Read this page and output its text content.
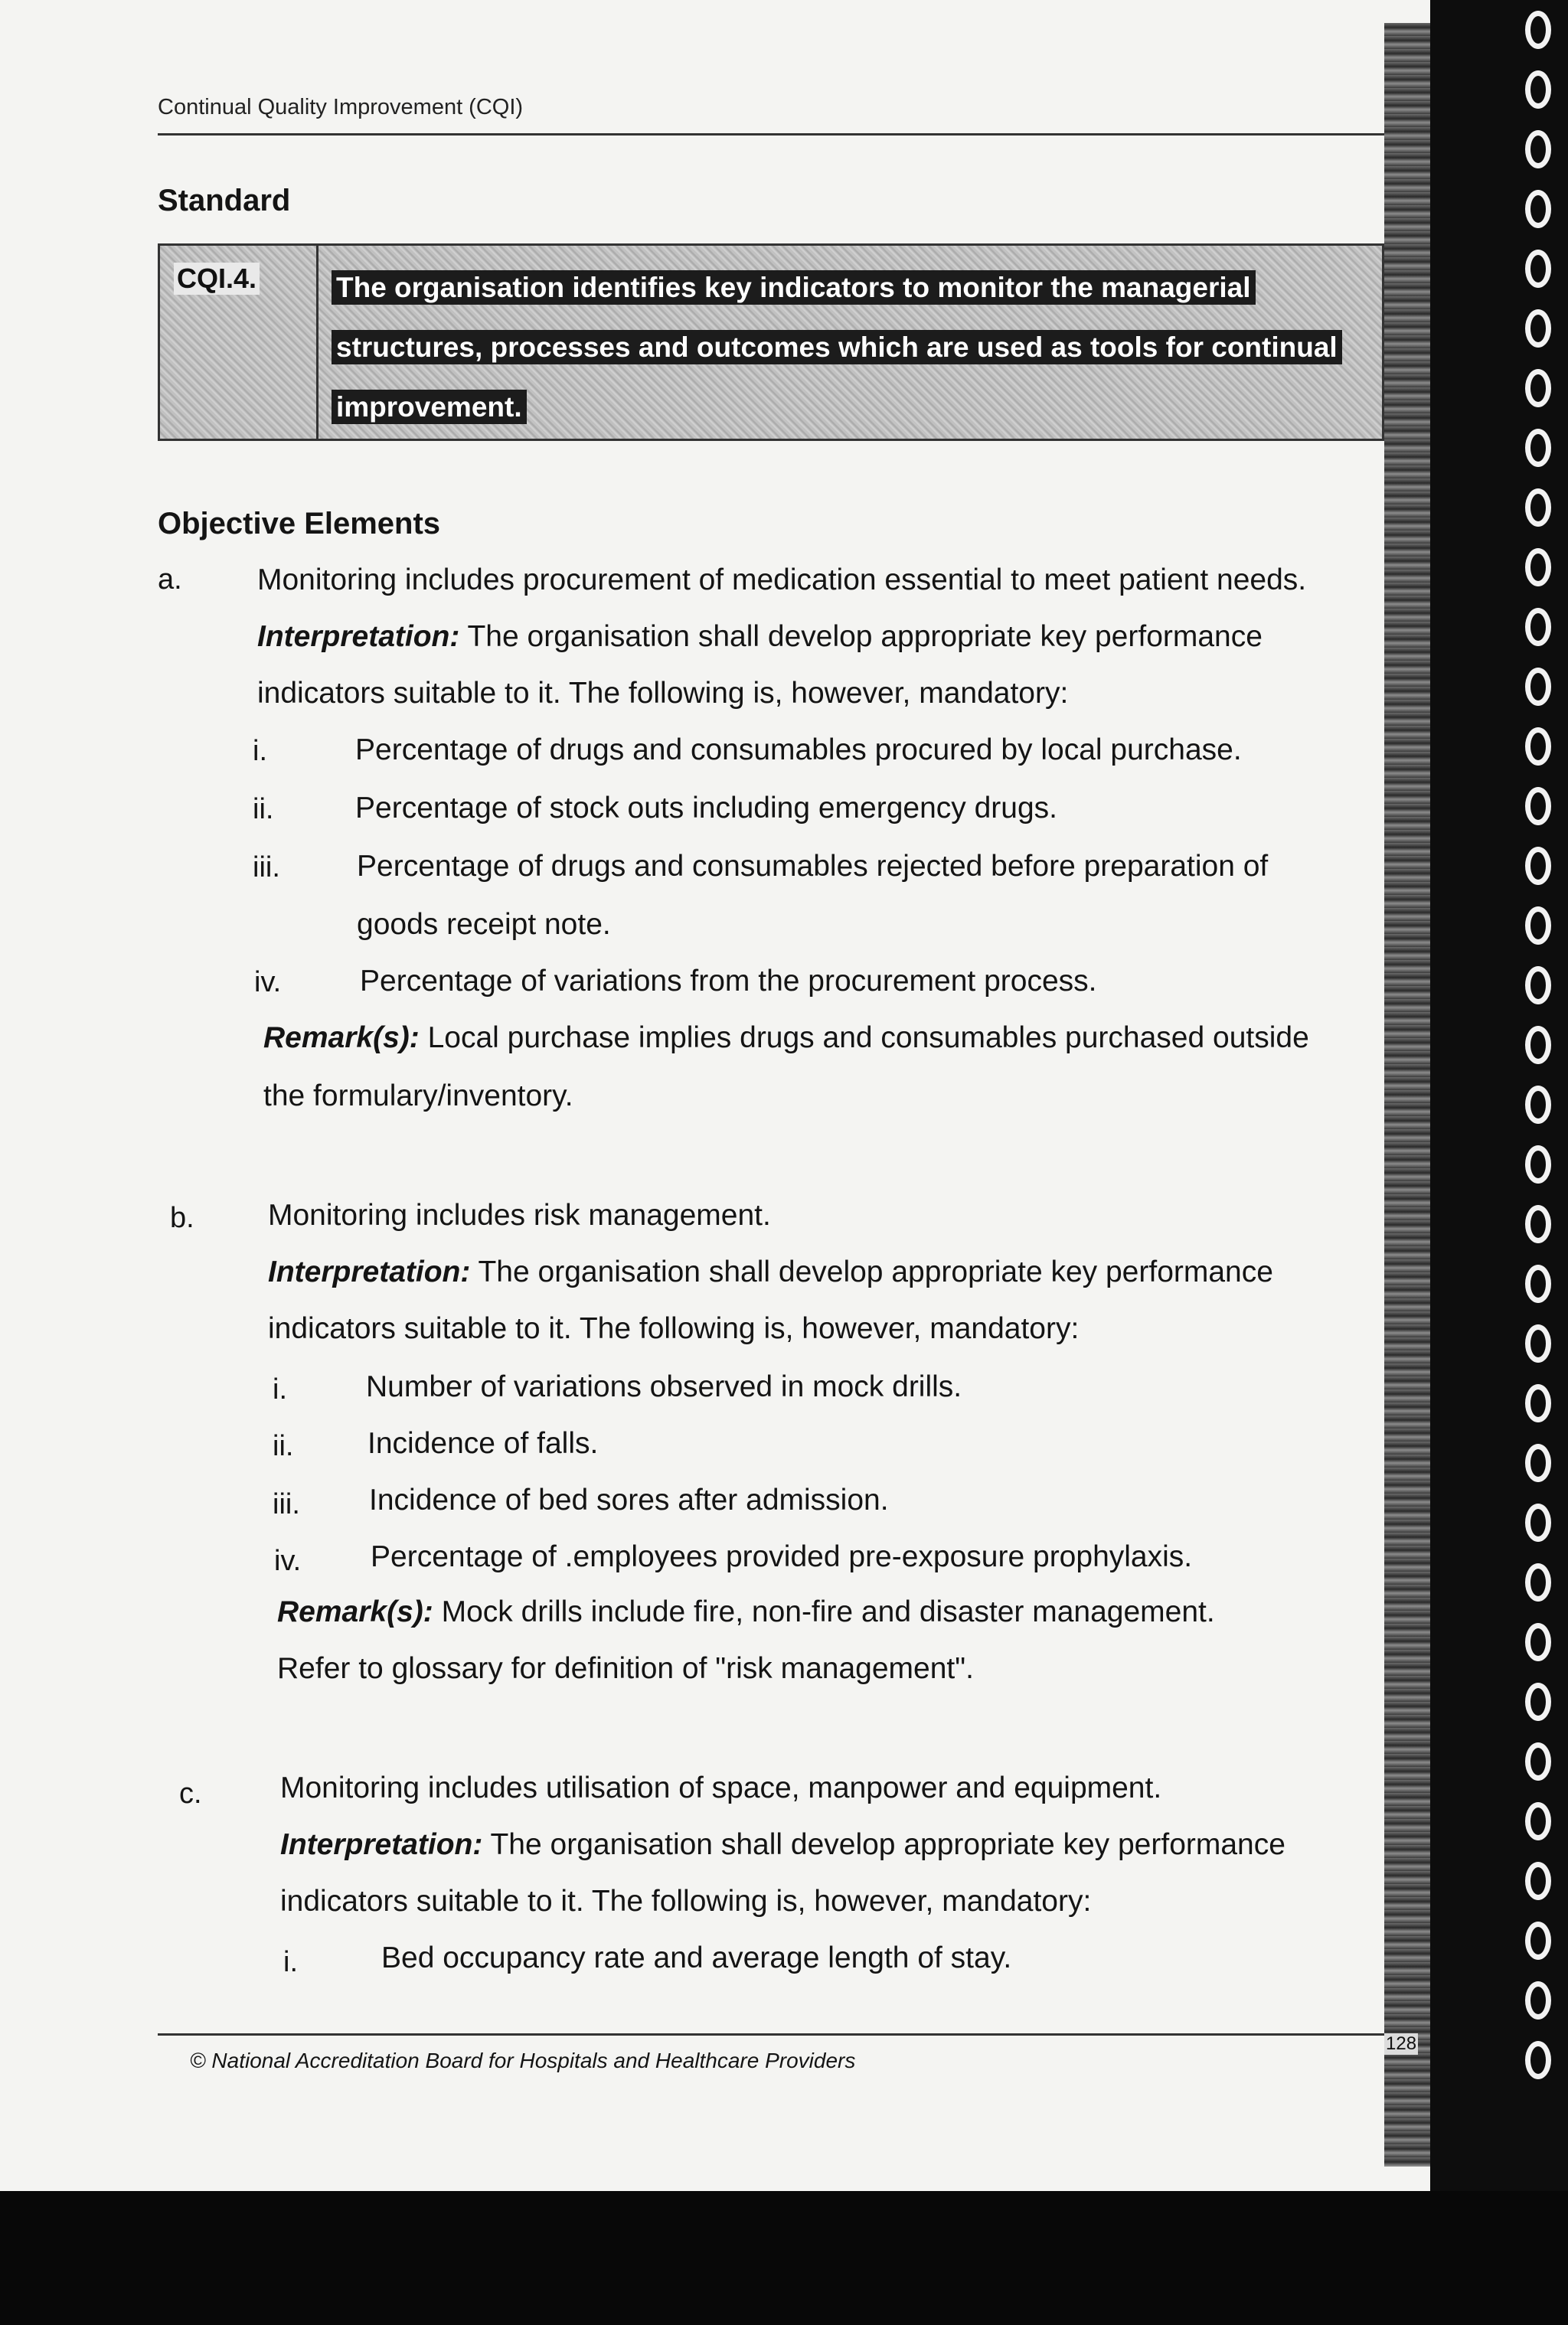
Continual Quality Improvement (CQI)
Standard
CQI.4.	The organisation identifies key indicators to monitor the managerial structures, processes and outcomes which are used as tools for continual improvement.

Objective Elements
a.	Monitoring includes procurement of medication essential to meet patient needs.

Interpretation: The organisation shall develop appropriate key performance

indicators suitable to it. The following is, however, mandatory:

i.	Percentage of drugs and consumables procured by local purchase.

ii.	Percentage of stock outs including emergency drugs.

iii.	Percentage of drugs and consumables rejected before preparation of

goods receipt note.

iv.	Percentage of variations from the procurement process.

Remark(s): Local purchase implies drugs and consumables purchased outside

the formulary/inventory.

b. Monitoring includes risk management.

Interpretation: The organisation shall develop appropriate key performance

indicators suitable to it. The following is, however, mandatory:

i.	Number of variations observed in mock drills.

ii. Incidence of falls.

iii. Incidence of bed sores after admission.

iv. Percentage of .employees provided pre-exposure prophylaxis.

Remark(s): Mock drills include fire, non-fire and disaster management.

Refer to glossary for definition of "risk management".

c.	Monitoring includes utilisation of space, manpower and equipment.

Interpretation: The organisation shall develop appropriate key performance

indicators suitable to it. The following is, however, mandatory:

i.	Bed occupancy rate and average length of stay.

© National Accreditation Board for Hospitals and Healthcare Providers
128
